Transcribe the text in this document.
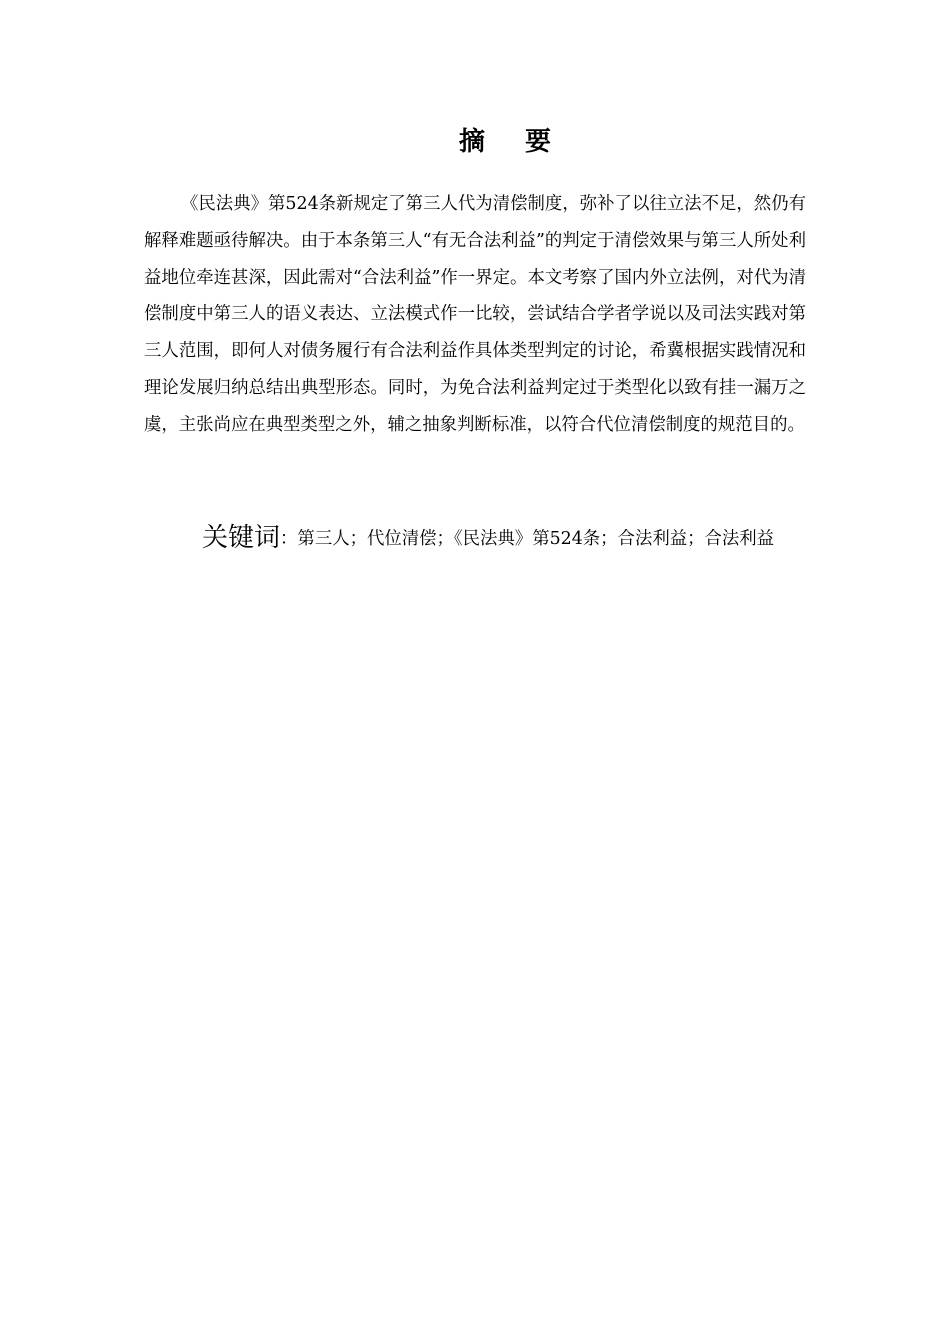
摘 要

《民法典》第524条新规定了第三人代为清偿制度，弥补了以往立法不足，然仍有解释难题亟待解决。由于本条第三人“有无合法利益”的判定于清偿效果与第三人所处利益地位牵连甚深，因此需对“合法利益”作一界定。本文考察了国内外立法例，对代为清偿制度中第三人的语义表达、立法模式作一比较，尝试结合学者学说以及司法实践对第三人范围，即何人对债务履行有合法利益作具体类型判定的讨论，希冀根据实践情况和理论发展归纳总结出典型形态。同时，为免合法利益判定过于类型化以致有挂一漏万之虞，主张尚应在典型类型之外，辅之抽象判断标准，以符合代位清偿制度的规范目的。

关键词：第三人；代位清偿；《民法典》第524条；合法利益；合法利益
